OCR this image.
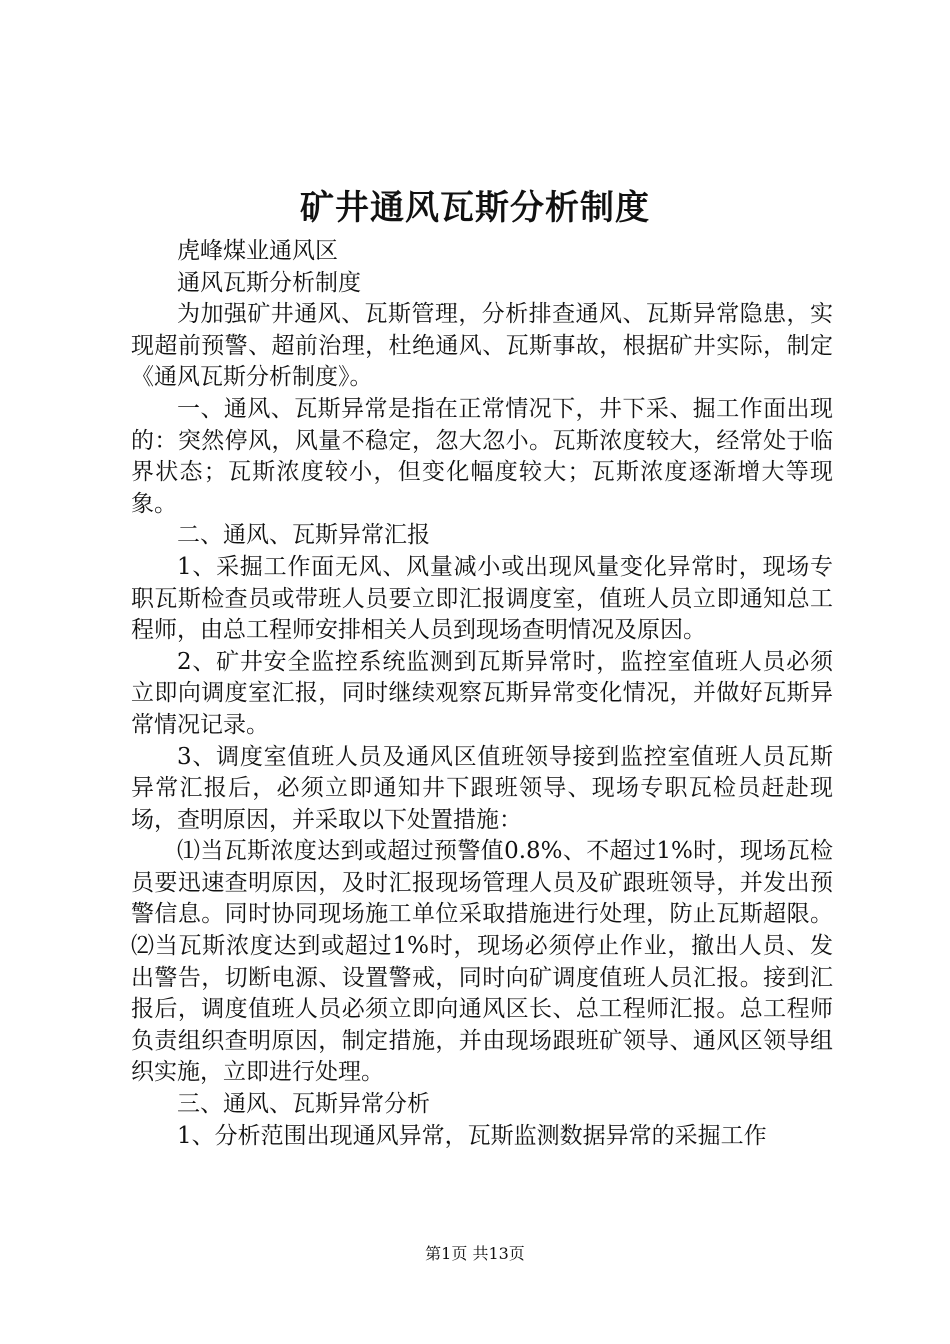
矿井通风瓦斯分析制度

虎峰煤业通风区

通风瓦斯分析制度

为加强矿井通风、瓦斯管理，分析排查通风、瓦斯异常隐患，实现超前预警、超前治理，杜绝通风、瓦斯事故，根据矿井实际，制定《通风瓦斯分析制度》。

一、通风、瓦斯异常是指在正常情况下，井下采、掘工作面出现的：突然停风，风量不稳定，忽大忽小。瓦斯浓度较大，经常处于临界状态；瓦斯浓度较小，但变化幅度较大；瓦斯浓度逐渐增大等现象。

二、通风、瓦斯异常汇报

1、采掘工作面无风、风量减小或出现风量变化异常时，现场专职瓦斯检查员或带班人员要立即汇报调度室，值班人员立即通知总工程师，由总工程师安排相关人员到现场查明情况及原因。

2、矿井安全监控系统监测到瓦斯异常时，监控室值班人员必须立即向调度室汇报，同时继续观察瓦斯异常变化情况，并做好瓦斯异常情况记录。

3、调度室值班人员及通风区值班领导接到监控室值班人员瓦斯异常汇报后，必须立即通知井下跟班领导、现场专职瓦检员赶赴现场，查明原因，并采取以下处置措施：

⑴当瓦斯浓度达到或超过预警值0.8%、不超过1%时，现场瓦检员要迅速查明原因，及时汇报现场管理人员及矿跟班领导，并发出预警信息。同时协同现场施工单位采取措施进行处理，防止瓦斯超限。⑵当瓦斯浓度达到或超过1%时，现场必须停止作业，撤出人员、发出警告，切断电源、设置警戒，同时向矿调度值班人员汇报。接到汇报后，调度值班人员必须立即向通风区长、总工程师汇报。总工程师负责组织查明原因，制定措施，并由现场跟班矿领导、通风区领导组织实施，立即进行处理。

三、通风、瓦斯异常分析

1、分析范围出现通风异常，瓦斯监测数据异常的采掘工作

第1页 共13页
